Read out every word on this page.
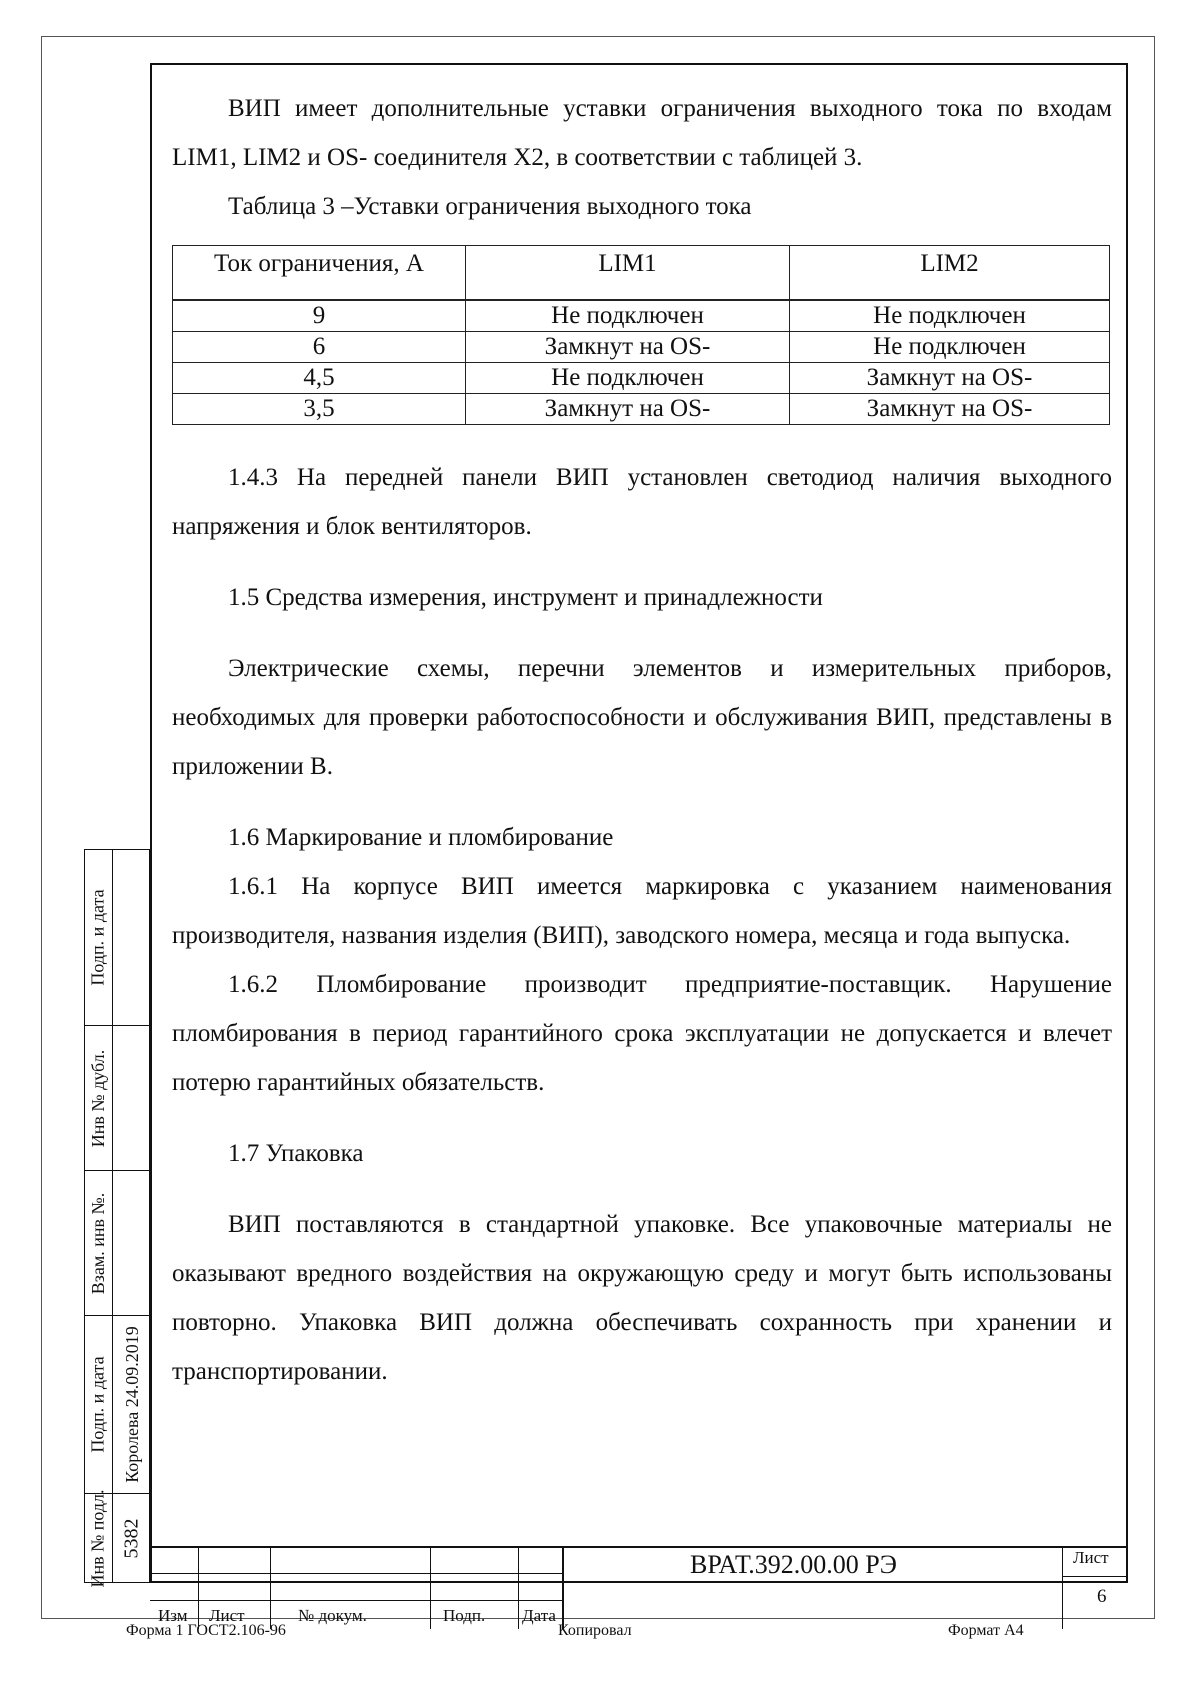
ВИП имеет дополнительные уставки ограничения выходного тока по входам LIM1, LIM2 и OS- соединителя X2, в соответствии с таблицей 3.

Таблица 3 –Уставки ограничения выходного тока

Ток ограничения, А	LIM1	LIM2
9	Не подключен	Не подключен
6	Замкнут на OS-	Не подключен
4,5	Не подключен	Замкнут на OS-
3,5	Замкнут на OS-	Замкнут на OS-

1.4.3 На передней панели ВИП установлен светодиод наличия выходного напряжения и блок вентиляторов.

1.5 Средства измерения, инструмент и принадлежности

Электрические схемы, перечни элементов и измерительных приборов, необходимых для проверки работоспособности и обслуживания ВИП, представлены в приложении В.

1.6 Маркирование и пломбирование

1.6.1 На корпусе ВИП имеется маркировка с указанием наименования производителя, названия изделия (ВИП), заводского номера, месяца и года выпуска.

1.6.2 Пломбирование производит предприятие-поставщик. Нарушение пломбирования в период гарантийного срока эксплуатации не допускается и влечет потерю гарантийных обязательств.

1.7 Упаковка

ВИП поставляются в стандартной упаковке. Все упаковочные материалы не оказывают вредного воздействия на окружающую среду и могут быть использованы повторно. Упаковка ВИП должна обеспечивать сохранность при хранении и транспортировании.

Подп. и дата
Инв № дубл.
Взам. инв №.
Подп. и дата Королева 24.09.2019
Инв № подл. 5382
Изм Лист	№ докум.	Подп. Дата
ВРАТ.392.00.00 РЭ	Лист
6
Форма 1 ГОСТ2.106-96	Копировал	Формат А4
